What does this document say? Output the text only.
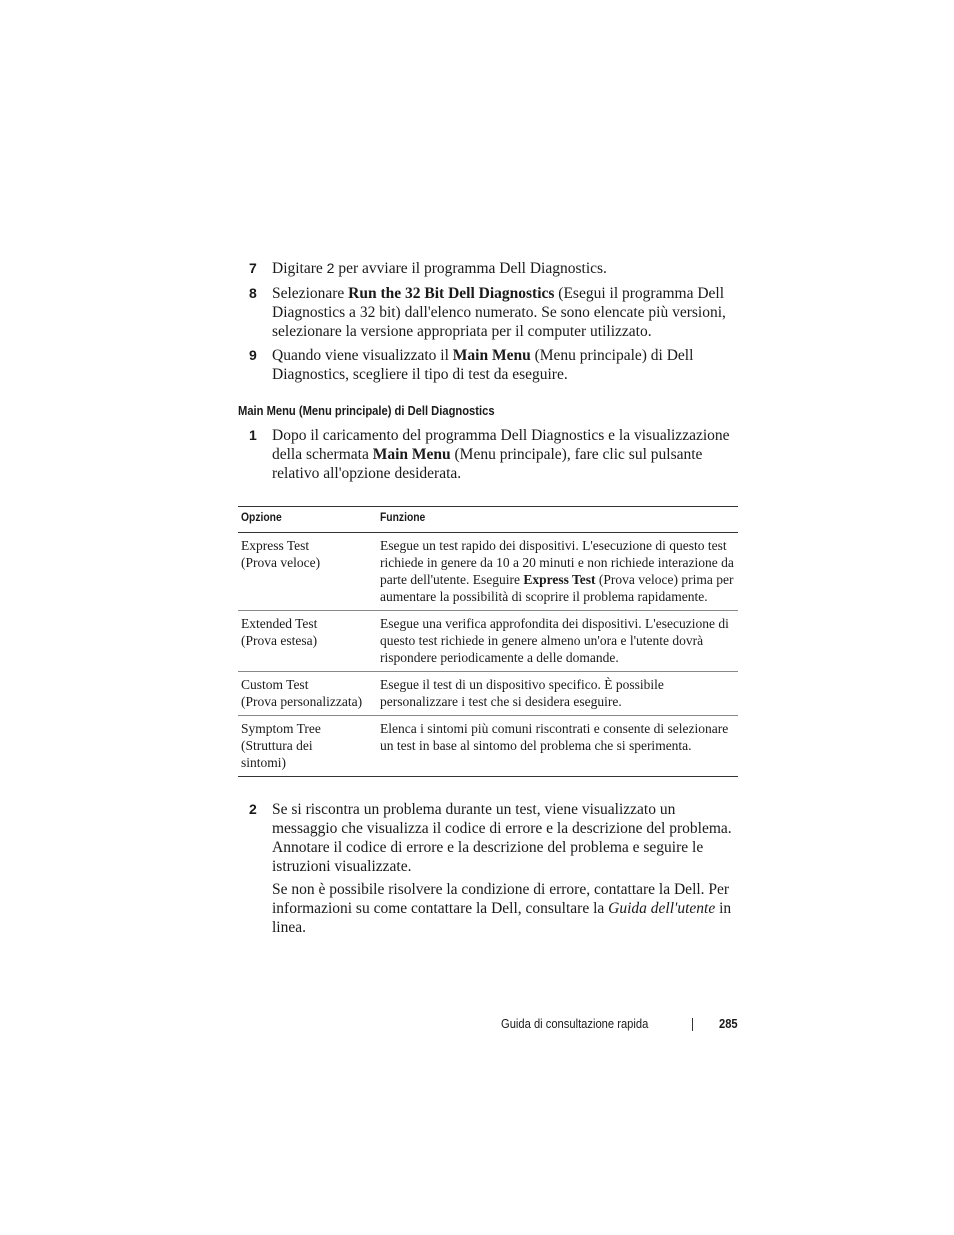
7 Digitare 2 per avviare il programma Dell Diagnostics.
8 Selezionare Run the 32 Bit Dell Diagnostics (Esegui il programma Dell Diagnostics a 32 bit) dall'elenco numerato. Se sono elencate più versioni, selezionare la versione appropriata per il computer utilizzato.
9 Quando viene visualizzato il Main Menu (Menu principale) di Dell Diagnostics, scegliere il tipo di test da eseguire.
Main Menu (Menu principale) di Dell Diagnostics
1 Dopo il caricamento del programma Dell Diagnostics e la visualizzazione della schermata Main Menu (Menu principale), fare clic sul pulsante relativo all'opzione desiderata.
Opzione	Funzione

Express Test
(Prova veloce)	Esegue un test rapido dei dispositivi. L'esecuzione di questo test richiede in genere da 10 a 20 minuti e non richiede interazione da parte dell'utente. Eseguire Express Test (Prova veloce) prima per aumentare la possibilità di scoprire il problema rapidamente.

Extended Test
(Prova estesa)	Esegue una verifica approfondita dei dispositivi. L'esecuzione di questo test richiede in genere almeno un'ora e l'utente dovrà rispondere periodicamente a delle domande.

Custom Test
(Prova personalizzata)	Esegue il test di un dispositivo specifico. È possibile personalizzare i test che si desidera eseguire.

Symptom Tree
(Struttura dei
sintomi)	Elenca i sintomi più comuni riscontrati e consente di selezionare un test in base al sintomo del problema che si sperimenta.
2 Se si riscontra un problema durante un test, viene visualizzato un messaggio che visualizza il codice di errore e la descrizione del problema. Annotare il codice di errore e la descrizione del problema e seguire le istruzioni visualizzate.
Se non è possibile risolvere la condizione di errore, contattare la Dell. Per informazioni su come contattare la Dell, consultare la Guida dell'utente in linea.
Guida di consultazione rapida	285
